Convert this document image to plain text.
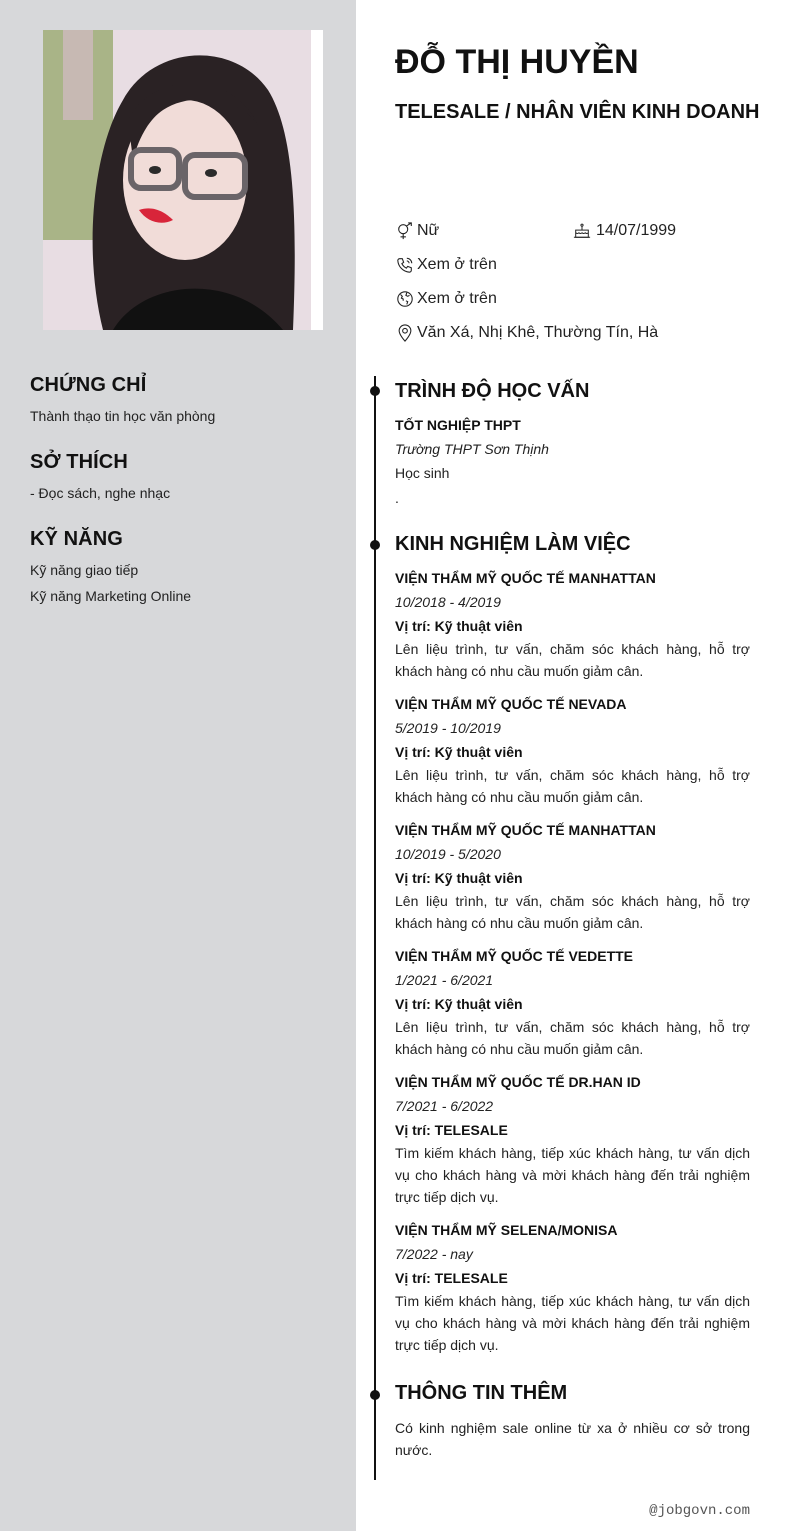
CHỨNG CHỈ
Thành thạo tin học văn phòng
SỞ THÍCH
- Đọc sách, nghe nhạc
KỸ NĂNG
Kỹ năng giao tiếp
Kỹ năng Marketing Online
ĐỖ THỊ HUYỀN
TELESALE / NHÂN VIÊN KINH DOANH
Nữ	14/07/1999
Xem ở trên
Xem ở trên
Văn Xá, Nhị Khê, Thường Tín, Hà
TRÌNH ĐỘ HỌC VẤN
TỐT NGHIỆP THPT
Trường THPT Sơn Thịnh
Học sinh
.
KINH NGHIỆM LÀM VIỆC
VIỆN THẨM MỸ QUỐC TẾ MANHATTAN
10/2018 - 4/2019
Vị trí: Kỹ thuật viên
Lên liệu trình, tư vấn, chăm sóc khách hàng, hỗ trợ khách hàng có nhu cầu muốn giảm cân.
VIỆN THẨM MỸ QUỐC TẾ NEVADA
5/2019 - 10/2019
Vị trí: Kỹ thuật viên
Lên liệu trình, tư vấn, chăm sóc khách hàng, hỗ trợ khách hàng có nhu cầu muốn giảm cân.
VIỆN THẨM MỸ QUỐC TẾ MANHATTAN
10/2019 - 5/2020
Vị trí: Kỹ thuật viên
Lên liệu trình, tư vấn, chăm sóc khách hàng, hỗ trợ khách hàng có nhu cầu muốn giảm cân.
VIỆN THẨM MỸ QUỐC TẾ VEDETTE
1/2021 - 6/2021
Vị trí: Kỹ thuật viên
Lên liệu trình, tư vấn, chăm sóc khách hàng, hỗ trợ khách hàng có nhu cầu muốn giảm cân.
VIỆN THẨM MỸ QUỐC TẾ DR.HAN ID
7/2021 - 6/2022
Vị trí: TELESALE
Tìm kiếm khách hàng, tiếp xúc khách hàng, tư vấn dịch vụ cho khách hàng và mời khách hàng đến trải nghiệm trực tiếp dịch vụ.
VIỆN THẨM MỸ SELENA/MONISA
7/2022 - nay
Vị trí: TELESALE
Tìm kiếm khách hàng, tiếp xúc khách hàng, tư vấn dịch vụ cho khách hàng và mời khách hàng đến trải nghiệm trực tiếp dịch vụ.
THÔNG TIN THÊM
Có kinh nghiệm sale online từ xa ở nhiều cơ sở trong nước.
@jobgovn.com
